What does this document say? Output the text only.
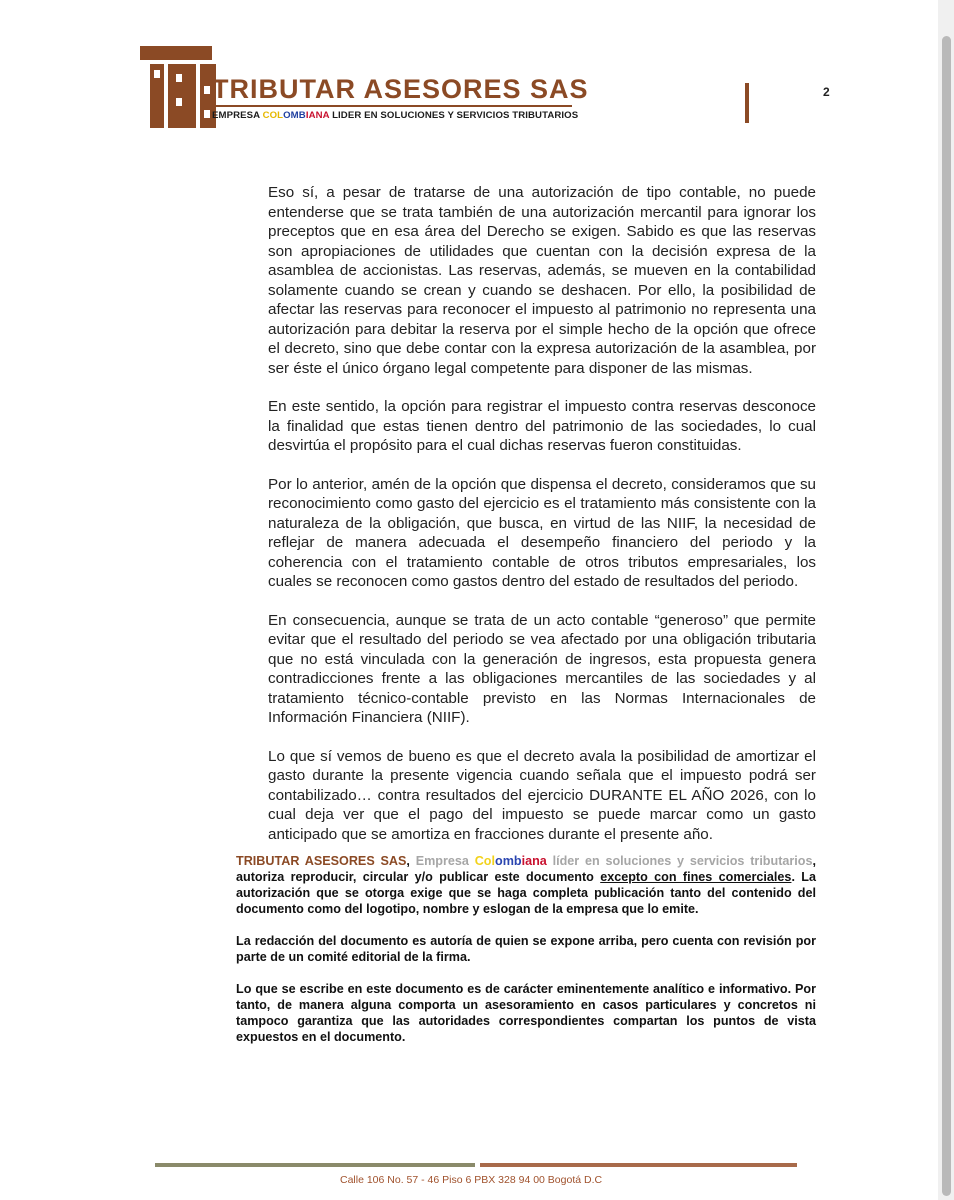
TRIBUTAR ASESORES SAS
EMPRESA COLOMBIANA LIDER EN SOLUCIONES Y SERVICIOS TRIBUTARIOS
2

Eso sí, a pesar de tratarse de una autorización de tipo contable, no puede entenderse que se trata también de una autorización mercantil para ignorar los preceptos que en esa área del Derecho se exigen. Sabido es que las reservas son apropiaciones de utilidades que cuentan con la decisión expresa de la asamblea de accionistas. Las reservas, además, se mueven en la contabilidad solamente cuando se crean y cuando se deshacen. Por ello, la posibilidad de afectar las reservas para reconocer el impuesto al patrimonio no representa una autorización para debitar la reserva por el simple hecho de la opción que ofrece el decreto, sino que debe contar con la expresa autorización de la asamblea, por ser éste el único órgano legal competente para disponer de las mismas.

En este sentido, la opción para registrar el impuesto contra reservas desconoce la finalidad que estas tienen dentro del patrimonio de las sociedades, lo cual desvirtúa el propósito para el cual dichas reservas fueron constituidas.

Por lo anterior, amén de la opción que dispensa el decreto, consideramos que su reconocimiento como gasto del ejercicio es el tratamiento más consistente con la naturaleza de la obligación, que busca, en virtud de las NIIF, la necesidad de reflejar de manera adecuada el desempeño financiero del periodo y la coherencia con el tratamiento contable de otros tributos empresariales, los cuales se reconocen como gastos dentro del estado de resultados del periodo.

En consecuencia, aunque se trata de un acto contable “generoso” que permite evitar que el resultado del periodo se vea afectado por una obligación tributaria que no está vinculada con la generación de ingresos, esta propuesta genera contradicciones frente a las obligaciones mercantiles de las sociedades y al tratamiento técnico-contable previsto en las Normas Internacionales de Información Financiera (NIIF).

Lo que sí vemos de bueno es que el decreto avala la posibilidad de amortizar el gasto durante la presente vigencia cuando señala que el impuesto podrá ser contabilizado… contra resultados del ejercicio DURANTE EL AÑO 2026, con lo cual deja ver que el pago del impuesto se puede marcar como un gasto anticipado que se amortiza en fracciones durante el presente año.

TRIBUTAR ASESORES SAS, Empresa Colombiana líder en soluciones y servicios tributarios, autoriza reproducir, circular y/o publicar este documento excepto con fines comerciales. La autorización que se otorga exige que se haga completa publicación tanto del contenido del documento como del logotipo, nombre y eslogan de la empresa que lo emite.

La redacción del documento es autoría de quien se expone arriba, pero cuenta con revisión por parte de un comité editorial de la firma.

Lo que se escribe en este documento es de carácter eminentemente analítico e informativo. Por tanto, de manera alguna comporta un asesoramiento en casos particulares y concretos ni tampoco garantiza que las autoridades correspondientes compartan los puntos de vista expuestos en el documento.

Calle 106 No. 57 - 46 Piso 6 PBX 328 94 00 Bogotá D.C
